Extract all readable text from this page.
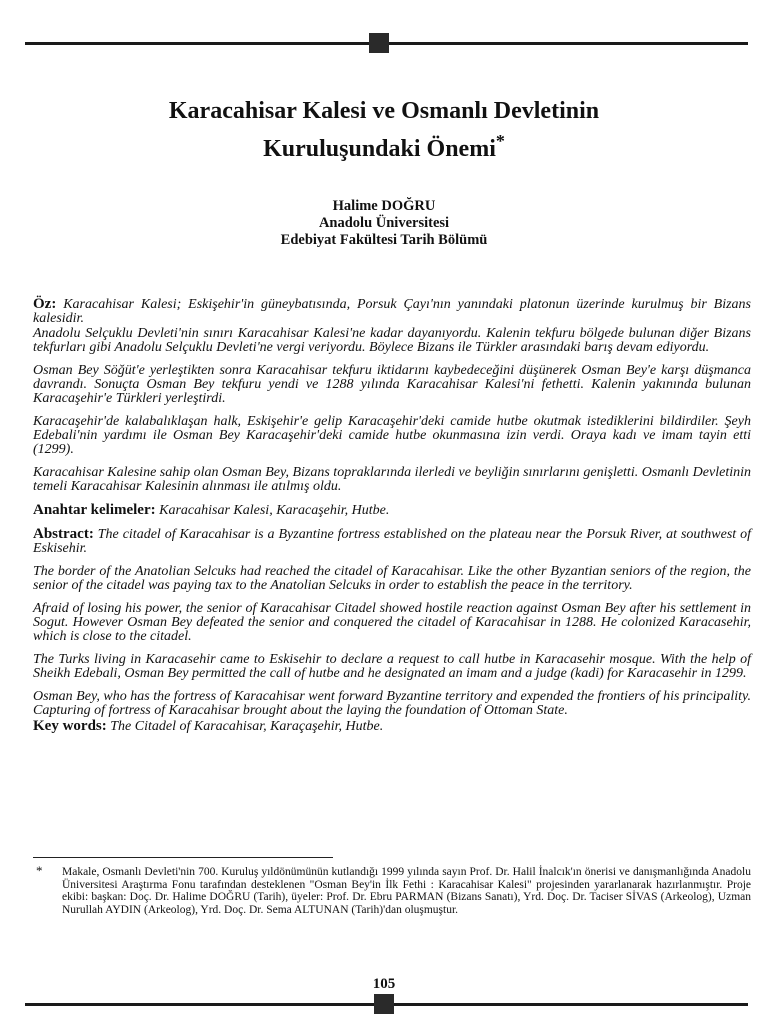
Karacahisar Kalesi ve Osmanlı Devletinin
Kuruluşundaki Önemi*
Halime DOĞRU
Anadolu Üniversitesi
Edebiyat Fakültesi Tarih Bölümü

Öz: Karacahisar Kalesi; Eskişehir'in güneybatısında, Porsuk Çayı'nın yanındaki platonun üzerinde kurulmuş bir Bizans kalesidir.

Anadolu Selçuklu Devleti'nin sınırı Karacahisar Kalesi'ne kadar dayanıyordu. Kalenin tekfuru bölgede bulunan diğer Bizans tekfurları gibi Anadolu Selçuklu Devleti'ne vergi veriyordu. Böylece Bizans ile Türkler arasındaki barış devam ediyordu.

Osman Bey Söğüt'e yerleştikten sonra Karacahisar tekfuru iktidarını kaybedeceğini düşünerek Osman Bey'e karşı düşmanca davrandı. Sonuçta Osman Bey tekfuru yendi ve 1288 yılında Karacahisar Kalesi'ni fethetti. Kalenin yakınında bulunan Karacaşehir'e Türkleri yerleştirdi.

Karacaşehir'de kalabalıklaşan halk, Eskişehir'e gelip Karacaşehir'deki camide hutbe okutmak istediklerini bildirdiler. Şeyh Edebali'nin yardımı ile Osman Bey Karacaşehir'deki camide hutbe okunmasına izin verdi. Oraya kadı ve imam tayin etti (1299).

Karacahisar Kalesine sahip olan Osman Bey, Bizans topraklarında ilerledi ve beyliğin sınırlarını genişletti. Osmanlı Devletinin temeli Karacahisar Kalesinin alınması ile atılmış oldu.

Anahtar kelimeler: Karacahisar Kalesi, Karacaşehir, Hutbe.

Abstract: The citadel of Karacahisar is a Byzantine fortress established on the plateau near the Porsuk River, at southwest of Eskisehir.

The border of the Anatolian Selcuks had reached the citadel of Karacahisar. Like the other Byzantian seniors of the region, the senior of the citadel was paying tax to the Anatolian Selcuks in order to establish the peace in the territory.

Afraid of losing his power, the senior of Karacahisar Citadel showed hostile reaction against Osman Bey after his settlement in Sogut. However Osman Bey defeated the senior and conquered the citadel of Karacahisar in 1288. He colonized Karacasehir, which is close to the citadel.

The Turks living in Karacasehir came to Eskisehir to declare a request to call hutbe in Karacasehir mosque. With the help of Sheikh Edebali, Osman Bey permitted the call of hutbe and he designated an imam and a judge (kadi) for Karacasehir in 1299.

Osman Bey, who has the fortress of Karacahisar went forward Byzantine territory and expended the frontiers of his principality. Capturing of fortress of Karacahisar brought about the laying the foundation of Ottoman State.

Key words: The Citadel of Karacahisar, Karaçaşehir, Hutbe.

* Makale, Osmanlı Devleti'nin 700. Kuruluş yıldönümünün kutlandığı 1999 yılında sayın Prof. Dr. Halil İnalcık'ın önerisi ve danışmanlığında Anadolu Üniversitesi Araştırma Fonu tarafından desteklenen "Osman Bey'in İlk Fethi : Karacahisar Kalesi" projesinden yararlanarak hazırlanmıştır. Proje ekibi: başkan: Doç. Dr. Halime DOĞRU (Tarih), üyeler: Prof. Dr. Ebru PARMAN (Bizans Sanatı), Yrd. Doç. Dr. Taciser SİVAS (Arkeolog), Uzman Nurullah AYDIN (Arkeolog), Yrd. Doç. Dr. Sema ALTUNAN (Tarih)'dan oluşmuştur.
105
